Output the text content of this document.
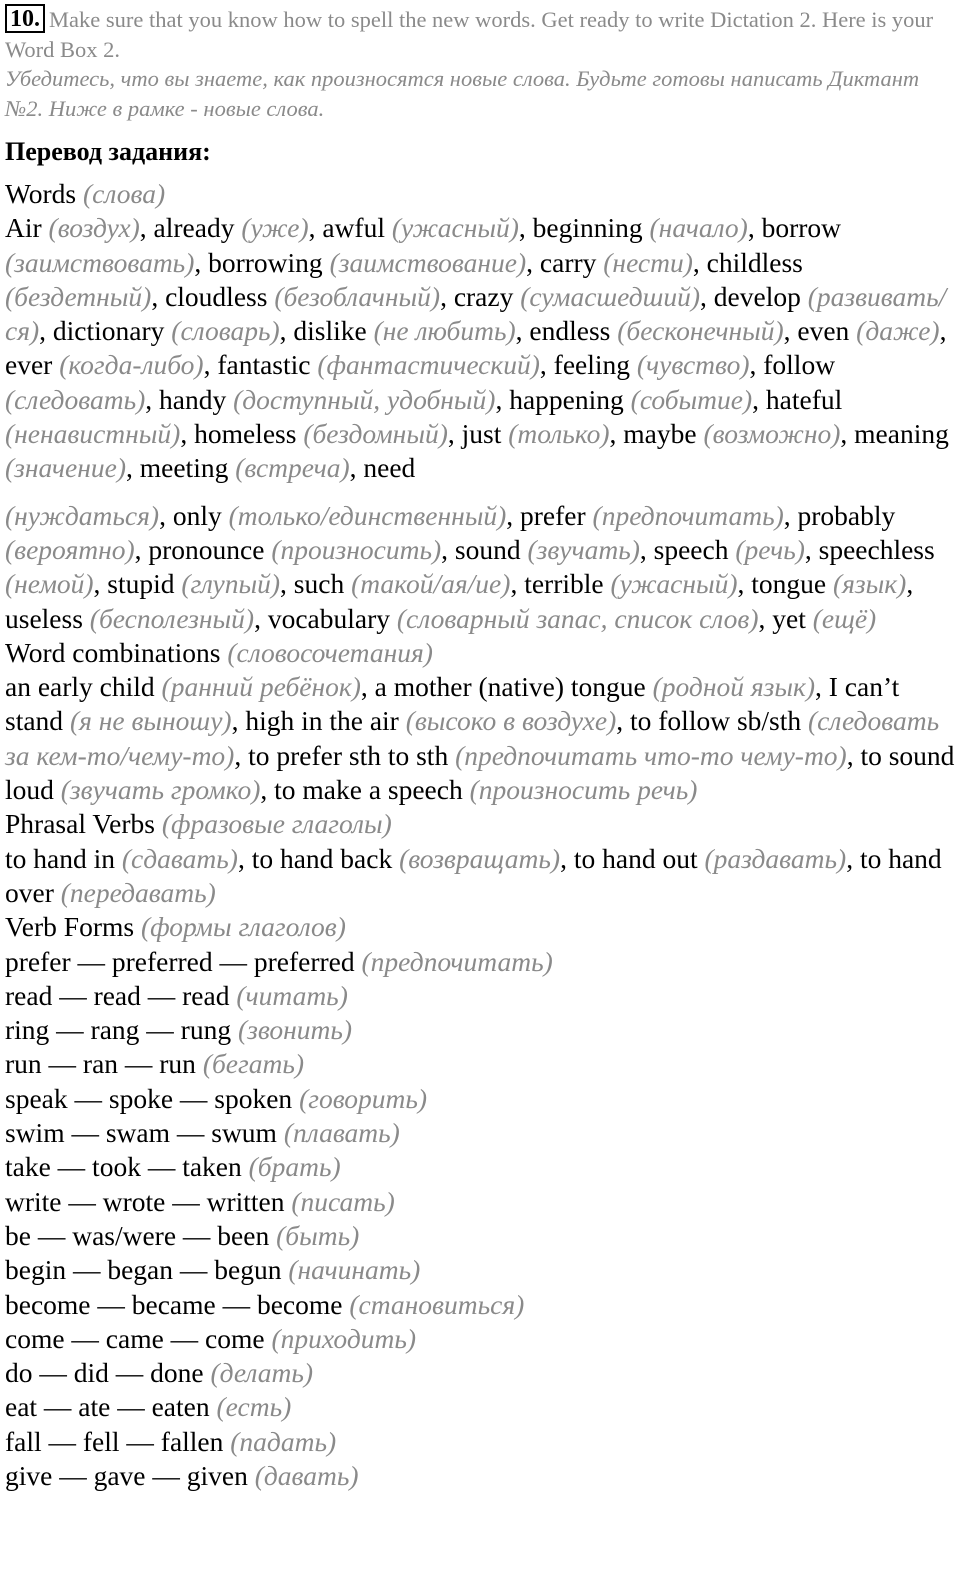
10. Make sure that you know how to spell the new words. Get ready to write Dictation 2. Here is your Word Box 2.
Убедитесь, что вы знаете, как произносятся новые слова. Будьте готовы написать Диктант №2. Ниже в рамке - новые слова.
Перевод задания:

Words (слова)

Air (воздух), already (уже), awful (ужасный), beginning (начало), borrow (заимствовать), borrowing (заимствование), carry (нести), childless (бездетный), cloudless (безоблачный), crazy (сумасшедший), develop (развивать/ся), dictionary (словарь), dislike (не любить), endless (бесконечный), even (даже), ever (когда-либо), fantastic (фантастический), feeling (чувство), follow (следовать), handy (доступный, удобный), happening (событие), hateful (ненавистный), homeless (бездомный), just (только), maybe (возможно), meaning (значение), meeting (встреча), need

(нуждаться), only (только/единственный), prefer (предпочитать), probably (вероятно), pronounce (произносить), sound (звучать), speech (речь), speechless (немой), stupid (глупый), such (такой/ая/ие), terrible (ужасный), tongue (язык), useless (бесполезный), vocabulary (словарный запас, список слов), yet (ещё)

Word combinations (словосочетания)

an early child (ранний ребёнок), a mother (native) tongue (родной язык), I can’t stand (я не выношу), high in the air (высоко в воздухе), to follow sb/sth (следовать за кем-то/чему-то), to prefer sth to sth (предпочитать что-то чему-то), to sound loud (звучать громко), to make a speech (произносить речь)

Phrasal Verbs (фразовые глаголы)

to hand in (сдавать), to hand back (возвращать), to hand out (раздавать), to hand over (передавать)

Verb Forms (формы глаголов)

prefer — preferred — preferred (предпочитать)
read — read — read (читать)
ring — rang — rung (звонить)
run — ran — run (бегать)
speak — spoke — spoken (говорить)
swim — swam — swum (плавать)
take — took — taken (брать)
write — wrote — written (писать)
be — was/were — been (быть)
begin — began — begun (начинать)
become — became — become (становиться)
come — came — come (приходить)
do — did — done (делать)
eat — ate — eaten (есть)
fall — fell — fallen (падать)
give — gave — given (давать)
